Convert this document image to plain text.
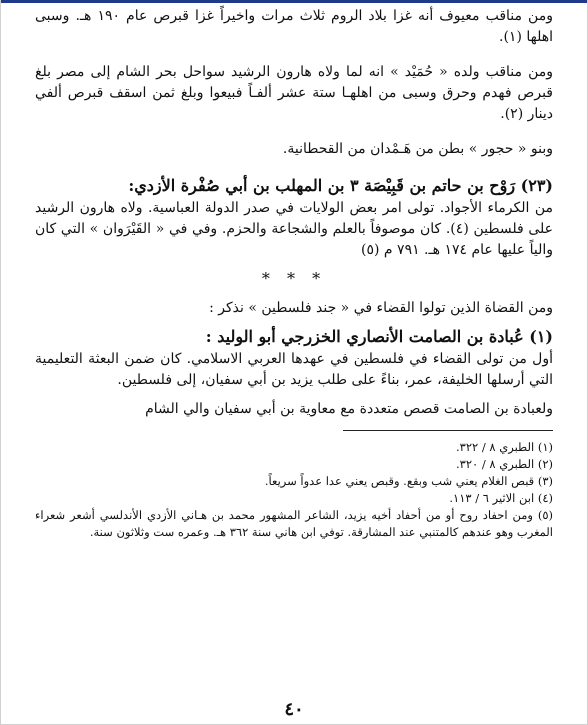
ومن مناقب معيوف أنه غزا بلاد الروم ثلاث مرات واخيراً غزا قبرص عام ١٩٠ هـ. وسبى اهلها (١).

ومن مناقب ولده « حُمَيْد » انه لما ولاه هارون الرشيد سواحل بحر الشام إلى مصر بلغ قبرص فهدم وحرق وسبى من اهلهـا ستة عشر ألفـاً فبيعوا وبلغ ثمن اسقف قبرص ألفي دينار (٢).

وبنو « حجور » بطن من هَـمْدان من القحطانية.

(٢٣) رَوْح بن حاتم بن قَبِيْصَة ٣ بن المهلب بن أبي صُفْرة الأزدي:

من الكرماء الأجواد. تولى امر بعض الولايات في صدر الدولة العباسية. ولاه هارون الرشيد على فلسطين (٤). كان موصوفاً بالعلم والشجاعة والحزم. وفي في « القَيْرَوان » التي كان والياً عليها عام ١٧٤ هـ. ٧٩١ م (٥)

* * *

ومن القضاة الذين تولوا القضاء في « جند فلسطين » نذكر :

(١) عُبادة بن الصامت الأنصاري الخزرجي أبو الوليد :

أول من تولى القضاء في فلسطين في عهدها العربي الاسلامي. كان ضمن البعثة التعليمية التي أرسلها الخليفة، عمر، بناءً على طلب يزيد بن أبي سفيان، إلى فلسطين.

ولعبادة بن الصامت قصص متعددة مع معاوية بن أبي سفيان والي الشام

(١) الطبري ٨ / ٣٢٢.

(٢) الطبري ٨ / ٣٢٠.

(٣) قبص الغلام يعني شب وبقع. وقبص يعني عدا عدواً سريعاً.

(٤) ابن الاثير ٦ / ١١٣.

(٥) ومن احفاد روح أو من أحفاد أخيه يزيد، الشاعر المشهور محمد بن هـاني الأزدي الأندلسي أشعر شعراء المغرب وهو عندهم كالمتنبي عند المشارقة. توفي ابن هاني سنة ٣٦٢ هـ. وعمره ست وثلاثون سنة.

٤٠
